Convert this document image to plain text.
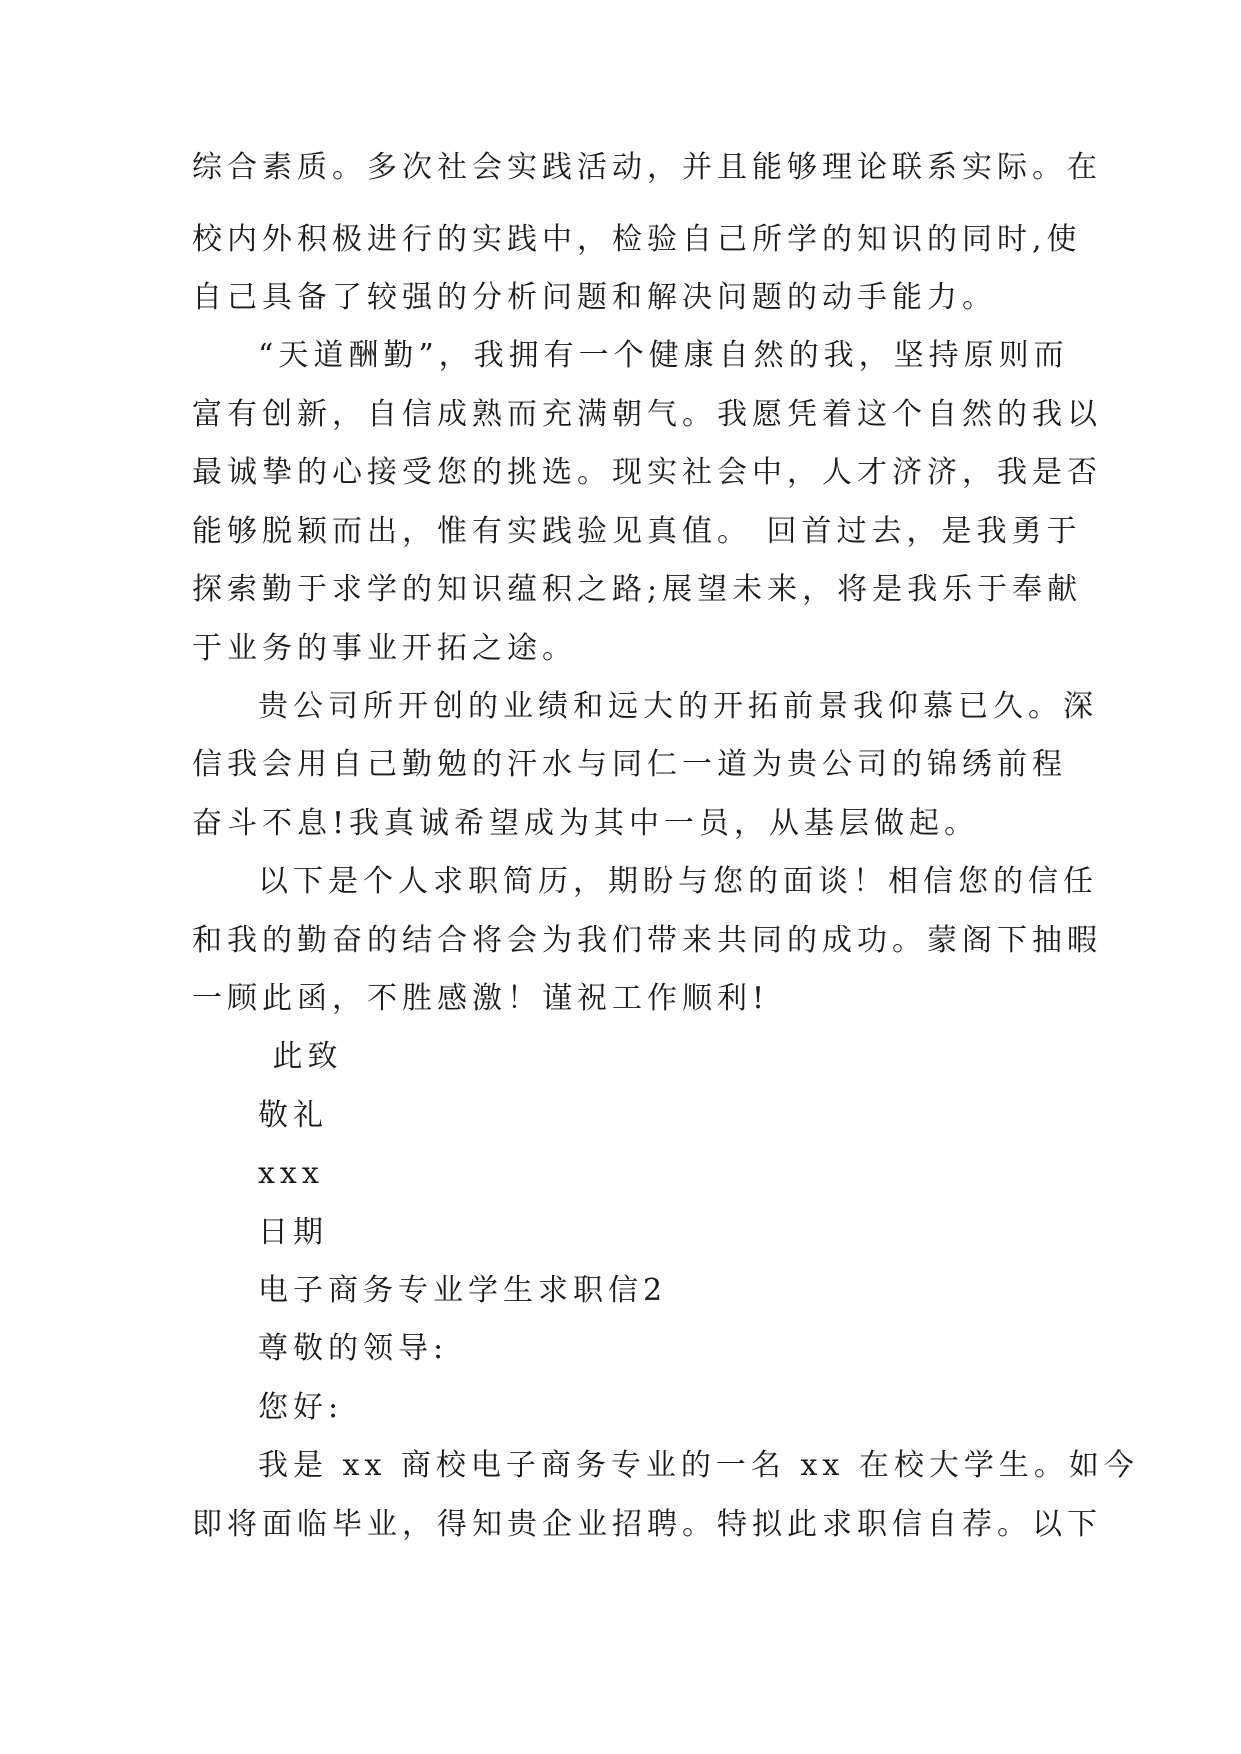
综合素质。多次社会实践活动，并且能够理论联系实际。在
校内外积极进行的实践中，检验自己所学的知识的同时,使
自己具备了较强的分析问题和解决问题的动手能力。
“天道酬勤”，我拥有一个健康自然的我，坚持原则而
富有创新，自信成熟而充满朝气。我愿凭着这个自然的我以
最诚挚的心接受您的挑选。现实社会中，人才济济，我是否
能够脱颖而出，惟有实践验见真值。 回首过去，是我勇于
探索勤于求学的知识蕴积之路;展望未来，将是我乐于奉献
于业务的事业开拓之途。
贵公司所开创的业绩和远大的开拓前景我仰慕已久。深
信我会用自己勤勉的汗水与同仁一道为贵公司的锦绣前程
奋斗不息!我真诚希望成为其中一员，从基层做起。
以下是个人求职简历，期盼与您的面谈！相信您的信任
和我的勤奋的结合将会为我们带来共同的成功。蒙阁下抽暇
一顾此函，不胜感激！谨祝工作顺利!
此致
敬礼
xxx
日期
电子商务专业学生求职信2
尊敬的领导:
您好:
我是 xx 商校电子商务专业的一名 xx 在校大学生。如今
即将面临毕业，得知贵企业招聘。特拟此求职信自荐。以下
